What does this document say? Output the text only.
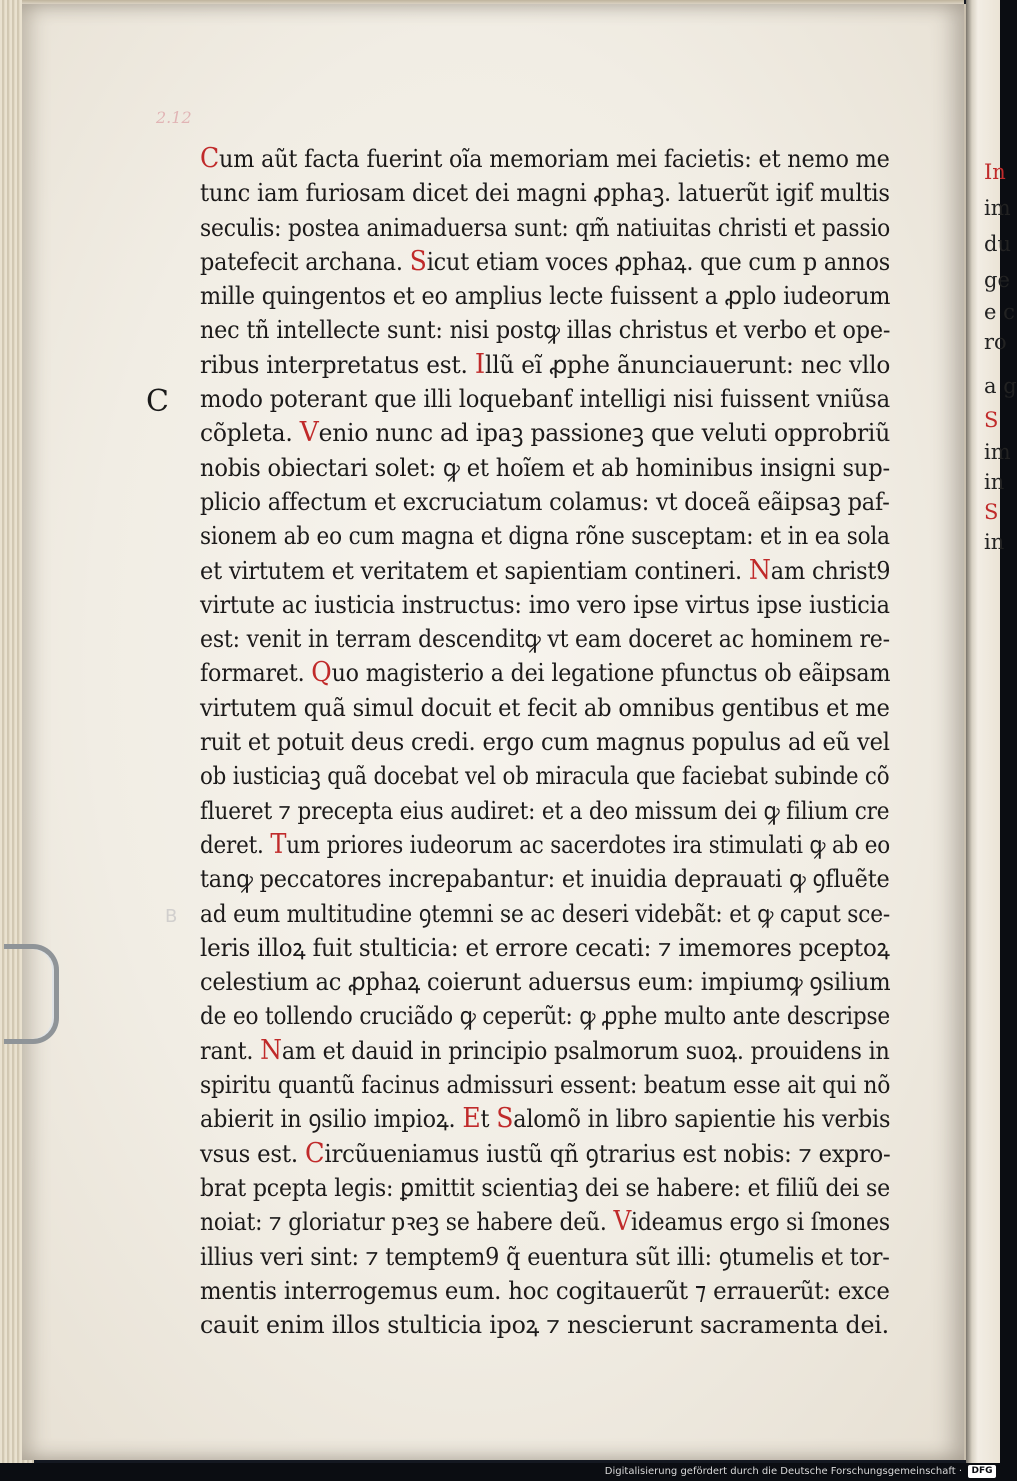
2.12
B
C
Cum aũt facta fuerint oĩa memoriam mei facietis: et nemo me
tunc iam furiosam dicet dei magni ꝓphaꝫ. latuerũt igiƭ multis
seculis: postea animaduersa sunt: qm̃ natiuitas christi et passio
patefecit archana. Sicut etiam voces ꝓphaꝝ. que cum p annos
mille quingentos et eo amplius lecte fuissent a ꝓplo iudeorum
nec tñ intellecte sunt: nisi postꝙ illas christus et verbo et ope-
ribus interpretatus est. Illũ eĩ ꝓphe ãnunciauerunt: nec vllo
modo poterant que illi loquebanƭ intelligi nisi fuissent vniũsa
cõpleta. Venio nunc ad ipaꝫ passioneꝫ que veluti opprobriũ
nobis obiectari solet: ꝙ et hoĩem et ab hominibus insigni sup-
plicio affectum et excruciatum colamus: vt doceã eãipsaꝫ paf-
sionem ab eo cum magna et digna rõne susceptam: et in ea sola
et virtutem et veritatem et sapientiam contineri. Nam christ9
virtute ac iusticia instructus: imo vero ipse virtus ipse iusticia
est: venit in terram descenditꝙ vt eam doceret ac hominem re-
formaret. Quo magisterio a dei legatione pfunctus ob eãipsam
virtutem quã simul docuit et fecit ab omnibus gentibus et me
ruit et potuit deus credi. ergo cum magnus populus ad eũ vel
ob iusticiaꝫ quã docebat vel ob miracula que faciebat subinde cõ
flueret ⁊ precepta eius audiret: et a deo missum dei ꝙ filium cre
deret. Tum priores iudeorum ac sacerdotes ira stimulati ꝙ ab eo
tanꝙ peccatores increpabantur: et inuidia deprauati ꝙ ꝯfluẽte
ad eum multitudine ꝯtemni se ac deseri videbãt: et ꝙ caput sce-
leris illoꝝ fuit stulticia: et errore cecati: ⁊ imemores pceptoꝝ
celestium ac ꝓphaꝝ coierunt aduersus eum: impiumꝙ ꝯsilium
de eo tollendo cruciãdo ꝙ ceperũt: ꝙ ꝓphe multo ante descripse
rant. Nam et dauid in principio psalmorum suoꝝ. prouidens in
spiritu quantũ facinus admissuri essent: beatum esse ait qui nõ
abierit in ꝯsilio impioꝝ. Et Salomõ in libro sapientie his verbis
vsus est. Circũueniamus iustũ qñ ꝯtrarius est nobis: ⁊ expro-
brat pcepta legis: ꝑmittit scientiaꝫ dei se habere: et filiũ dei se
noiat: ⁊ gloriatur pꝛeꝫ se habere deũ. Videamus ergo si ſmones
illius veri sint: ⁊ temptem9 q̃ euentura sũt illi: ꝯtumelis et tor-
mentis interrogemus eum. hoc cogitauerũt ⁊ errauerũt: exce
cauit enim illos stulticia ipoꝝ ⁊ nescierunt sacramenta dei.
In
im
du
ge
e c
ro
a g
S
im
in
S
in
Digitalisierung gefördert durch die Deutsche Forschungsgemeinschaft ·	DFG
